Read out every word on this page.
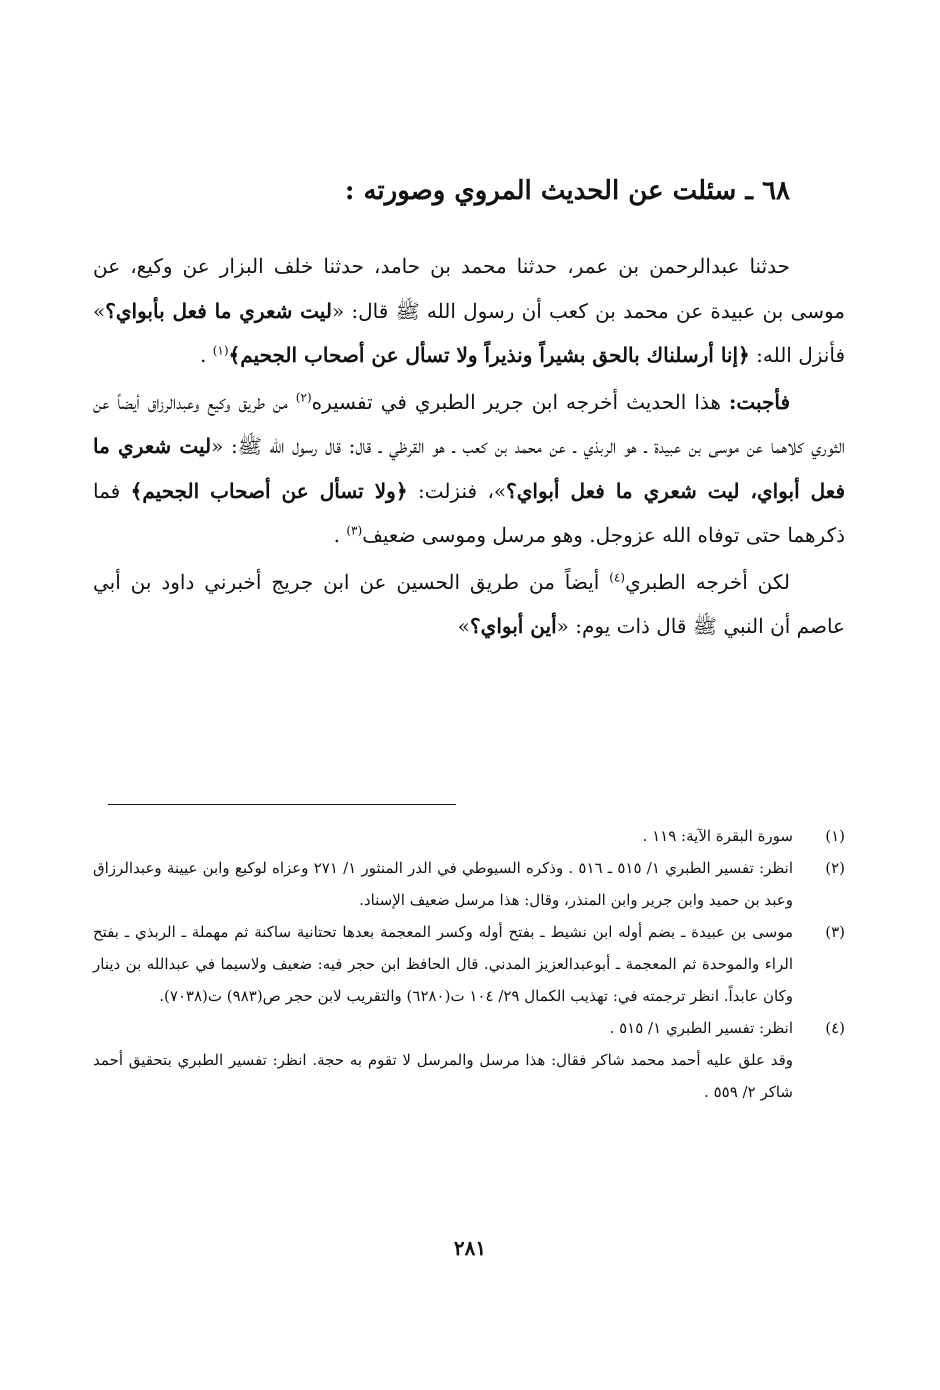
٦٨ ـ سئلت عن الحديث المروي وصورته :

حدثنا عبدالرحمن بن عمر، حدثنا محمد بن حامد، حدثنا خلف البزار عن وكيع، عن موسى بن عبيدة عن محمد بن كعب أن رسول الله ﷺ قال: «ليت شعري ما فعل بأبواي؟» فأنزل الله: ﴿إنا أرسلناك بالحق بشيراً ونذيراً ولا تسأل عن أصحاب الجحيم﴾$^{(١)}$ .

فأجبت: هذا الحديث أخرجه ابن جرير الطبري في تفسيره$^{(٢)}$ من طريق وكيع وعبدالرزاق أيضاً عن الثوري كلاهما عن موسى بن عبيدة ـ هو الربذي ـ عن محمد بن كعب ـ هو القرظي ـ قال: قال رسول الله ﷺ: «ليت شعري ما فعل أبواي، ليت شعري ما فعل أبواي؟»، فنزلت: ﴿ولا تسأل عن أصحاب الجحيم﴾ فما ذكرهما حتى توفاه الله عزوجل. وهو مرسل وموسى ضعيف$^{(٣)}$ .

لكن أخرجه الطبري$^{(٤)}$ أيضاً من طريق الحسين عن ابن جريج أخبرني داود بن أبي عاصم أن النبي ﷺ قال ذات يوم: «أين أبواي؟»

(١)
سورة البقرة الآية: ١١٩ .
(٢)
انظر: تفسير الطبري ١/ ٥١٥ ـ ٥١٦ . وذكره السيوطي في الدر المنثور ١/ ٢٧١ وعزاه لوكيع وابن عيينة وعبدالرزاق وعبد بن حميد وابن جرير وابن المنذر، وقال: هذا مرسل ضعيف الإسناد.
(٣)
موسى بن عبيدة ـ بضم أوله ابن نشيط ـ بفتح أوله وكسر المعجمة بعدها تحتانية ساكنة ثم مهملة ـ الربذي ـ بفتح الراء والموحدة ثم المعجمة ـ أبوعبدالعزيز المدني. قال الحافظ ابن حجر فيه: ضعيف ولاسيما في عبدالله بن دينار وكان عابداً. انظر ترجمته في: تهذيب الكمال ٢٩/ ١٠٤ ت(٦٢٨٠) والتقريب لابن حجر ص(٩٨٣) ت(٧٠٣٨).
(٤)
انظر: تفسير الطبري ١/ ٥١٥ .
وقد علق عليه أحمد محمد شاكر فقال: هذا مرسل والمرسل لا تقوم به حجة. انظر: تفسير الطبري بتحقيق أحمد شاكر ٢/ ٥٥٩ .
٢٨١
